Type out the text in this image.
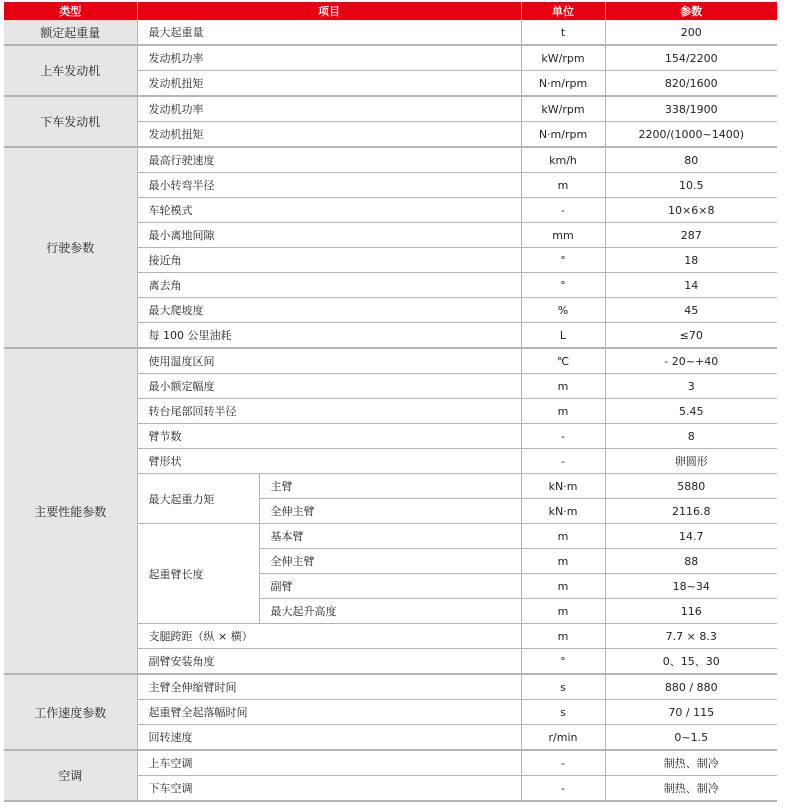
类型	项目		单位	参数
额定起重量	最大起重量		t	200
上车发动机	发动机功率		kW/rpm	154/2200
	发动机扭矩		N·m/rpm	820/1600
下车发动机	发动机功率		kW/rpm	338/1900
	发动机扭矩		N·m/rpm	2200/(1000~1400)
行驶参数	最高行驶速度		km/h	80
	最小转弯半径		m	10.5
	车轮模式		-	10×6×8
	最小离地间隙		mm	287
	接近角		°	18
	离去角		°	14
	最大爬坡度		%	45
	每 100 公里油耗		L	≤70
主要性能参数	使用温度区间		℃	- 20~+40
	最小额定幅度		m	3
	转台尾部回转半径		m	5.45
	臂节数		-	8
	臂形状		-	卵圆形
	最大起重力矩	主臂	kN·m	5880
		全伸主臂	kN·m	2116.8
	起重臂长度	基本臂	m	14.7
		全伸主臂	m	88
		副臂	m	18~34
		最大起升高度	m	116
	支腿跨距（纵 × 横）		m	7.7 × 8.3
	副臂安装角度		°	0、15、30
工作速度参数	主臂全伸缩臂时间		s	880 / 880
	起重臂全起落幅时间		s	70 / 115
	回转速度		r/min	0~1.5
空调	上车空调		-	制热、制冷
	下车空调		-	制热、制冷
